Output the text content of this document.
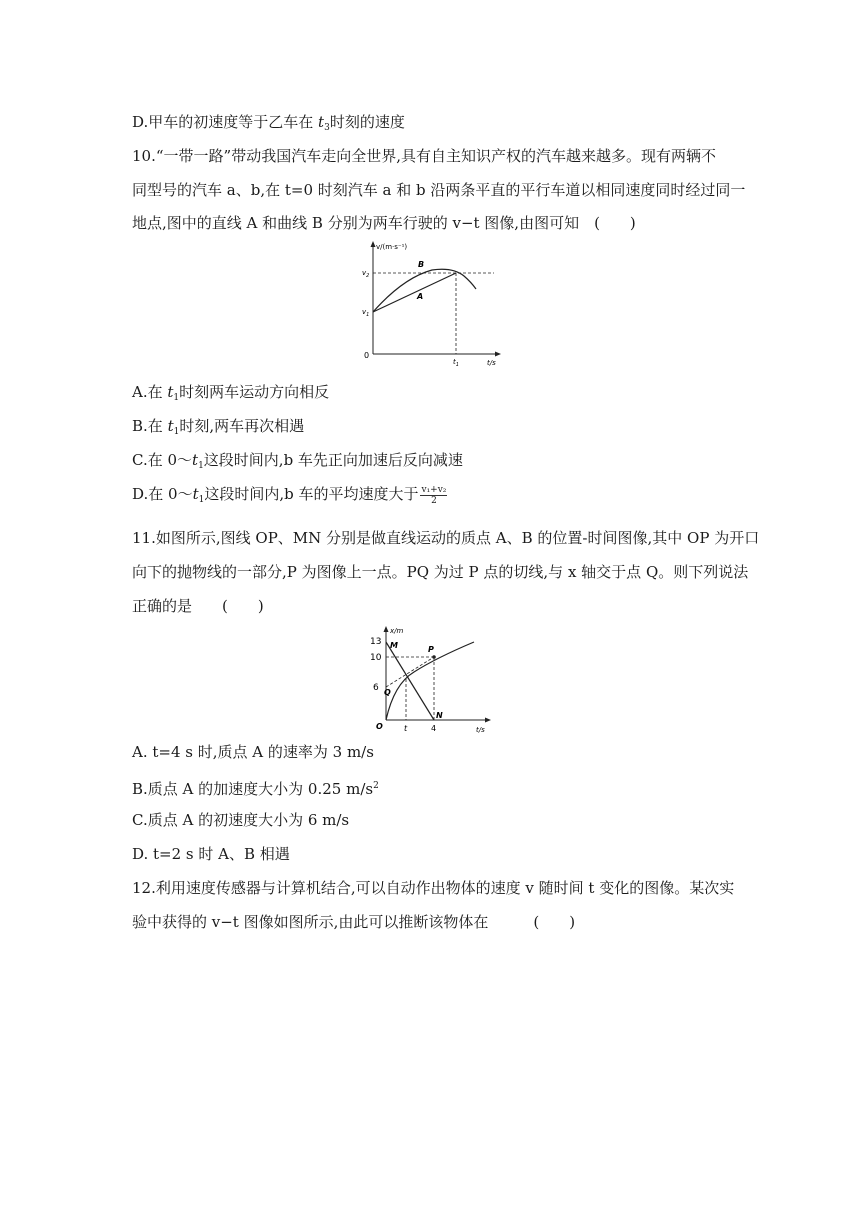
D.甲车的初速度等于乙车在 $t_3$时刻的速度
10.“一带一路”带动我国汽车走向全世界,具有自主知识产权的汽车越来越多。现有两辆不
同型号的汽车 a、b,在 t=0 时刻汽车 a 和 b 沿两条平直的平行车道以相同速度同时经过同一
地点,图中的直线 A 和曲线 B 分别为两车行驶的 v−t 图像,由图可知　(　　)
v/(m·s⁻¹)
t/s
0
$v_2$
$v_1$
$t_1$
B
A
A.在 $t_1$时刻两车运动方向相反
B.在 $t_1$时刻,两车再次相遇
C.在 $0\sim t_1$这段时间内,b 车先正向加速后反向减速
D.在 $0\sim t_1$这段时间内,b 车的平均速度大于 $\frac{\text{v₁+v₂}}{2}$
11.如图所示,图线 OP、MN 分别是做直线运动的质点 A、B 的位置-时间图像,其中 OP 为开口
向下的抛物线的一部分,P 为图像上一点。PQ 为过 P 点的切线,与 x 轴交于点 Q。则下列说法
正确的是　　(　　)
x/m
t/s
13
10
6
O
M	P
Q
N
t	4
A. t=4 s 时,质点 A 的速率为 3 m/s
B.质点 A 的加速度大小为 0.25 $m/s^2$
C.质点 A 的初速度大小为 6 m/s
D. t=2 s 时 A、B 相遇
12.利用速度传感器与计算机结合,可以自动作出物体的速度 v 随时间 t 变化的图像。某次实
验中获得的 v−t 图像如图所示,由此可以推断该物体在　　　(　　)
